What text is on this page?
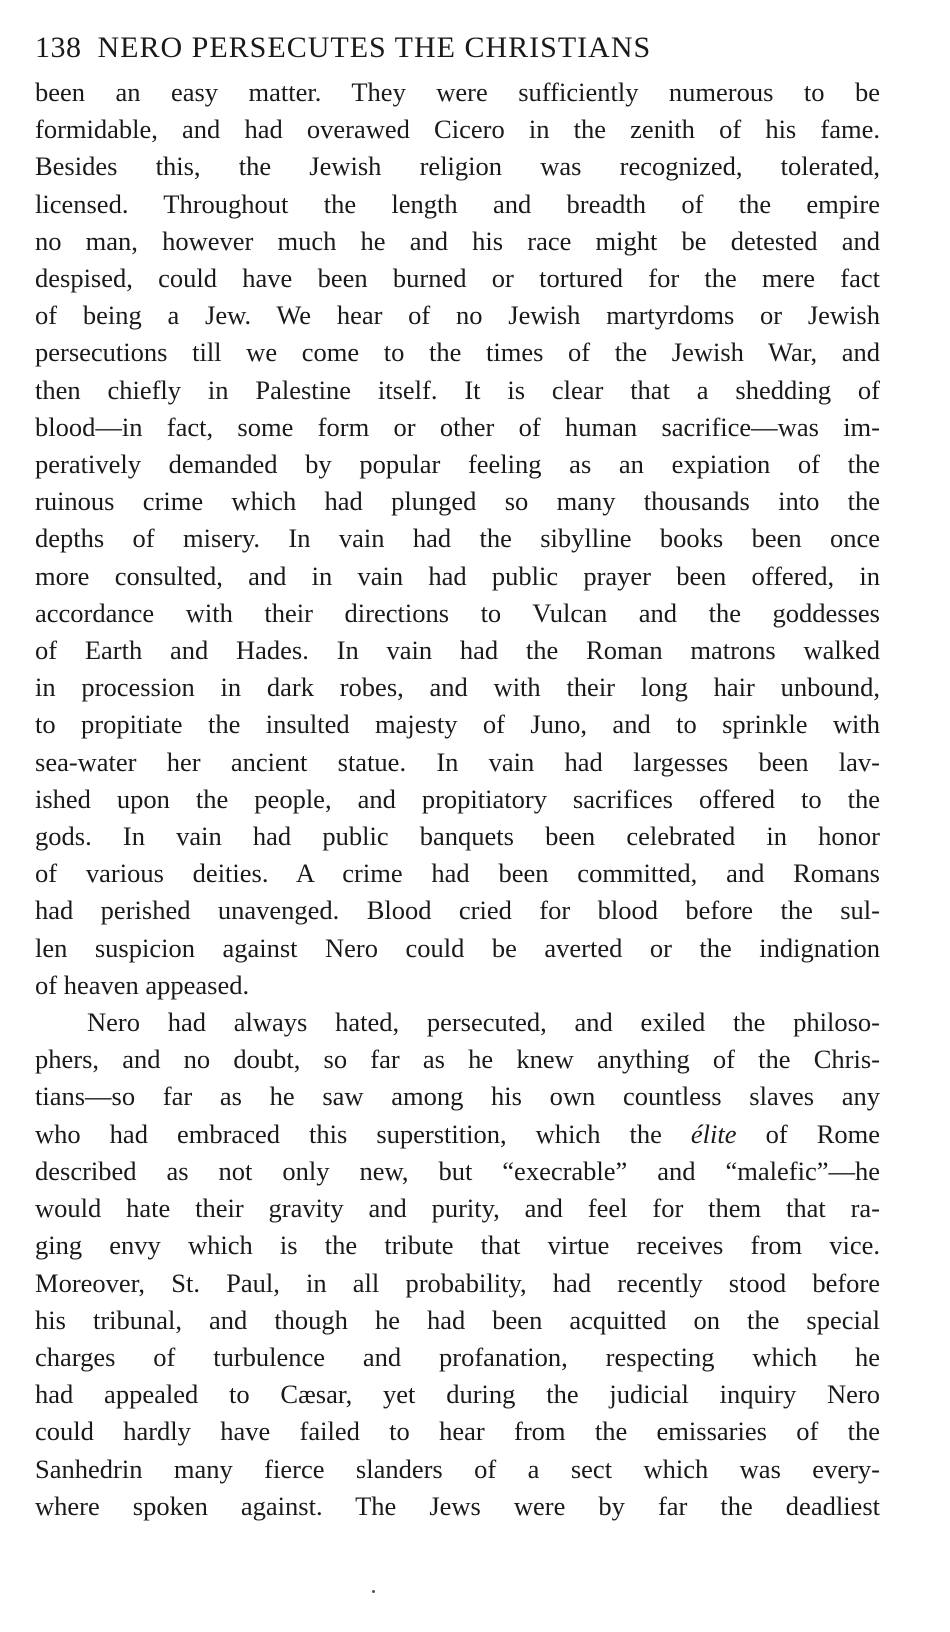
138 NERO PERSECUTES THE CHRISTIANS

been an easy matter. They were sufficiently numerous to be
formidable, and had overawed Cicero in the zenith of his fame.
Besides this, the Jewish religion was recognized, tolerated,
licensed. Throughout the length and breadth of the empire
no man, however much he and his race might be detested and
despised, could have been burned or tortured for the mere fact
of being a Jew. We hear of no Jewish martyrdoms or Jewish
persecutions till we come to the times of the Jewish War, and
then chiefly in Palestine itself. It is clear that a shedding of
blood—in fact, some form or other of human sacrifice—was im-
peratively demanded by popular feeling as an expiation of the
ruinous crime which had plunged so many thousands into the
depths of misery. In vain had the sibylline books been once
more consulted, and in vain had public prayer been offered, in
accordance with their directions to Vulcan and the goddesses
of Earth and Hades. In vain had the Roman matrons walked
in procession in dark robes, and with their long hair unbound,
to propitiate the insulted majesty of Juno, and to sprinkle with
sea-water her ancient statue. In vain had largesses been lav-
ished upon the people, and propitiatory sacrifices offered to the
gods. In vain had public banquets been celebrated in honor
of various deities. A crime had been committed, and Romans
had perished unavenged. Blood cried for blood before the sul-
len suspicion against Nero could be averted or the indignation
of heaven appeased.

Nero had always hated, persecuted, and exiled the philoso-
phers, and no doubt, so far as he knew anything of the Chris-
tians—so far as he saw among his own countless slaves any
who had embraced this superstition, which the élite of Rome
described as not only new, but “execrable” and “malefic”—he
would hate their gravity and purity, and feel for them that ra-
ging envy which is the tribute that virtue receives from vice.
Moreover, St. Paul, in all probability, had recently stood before
his tribunal, and though he had been acquitted on the special
charges of turbulence and profanation, respecting which he
had appealed to Cæsar, yet during the judicial inquiry Nero
could hardly have failed to hear from the emissaries of the
Sanhedrin many fierce slanders of a sect which was every-
where spoken against. The Jews were by far the deadliest
